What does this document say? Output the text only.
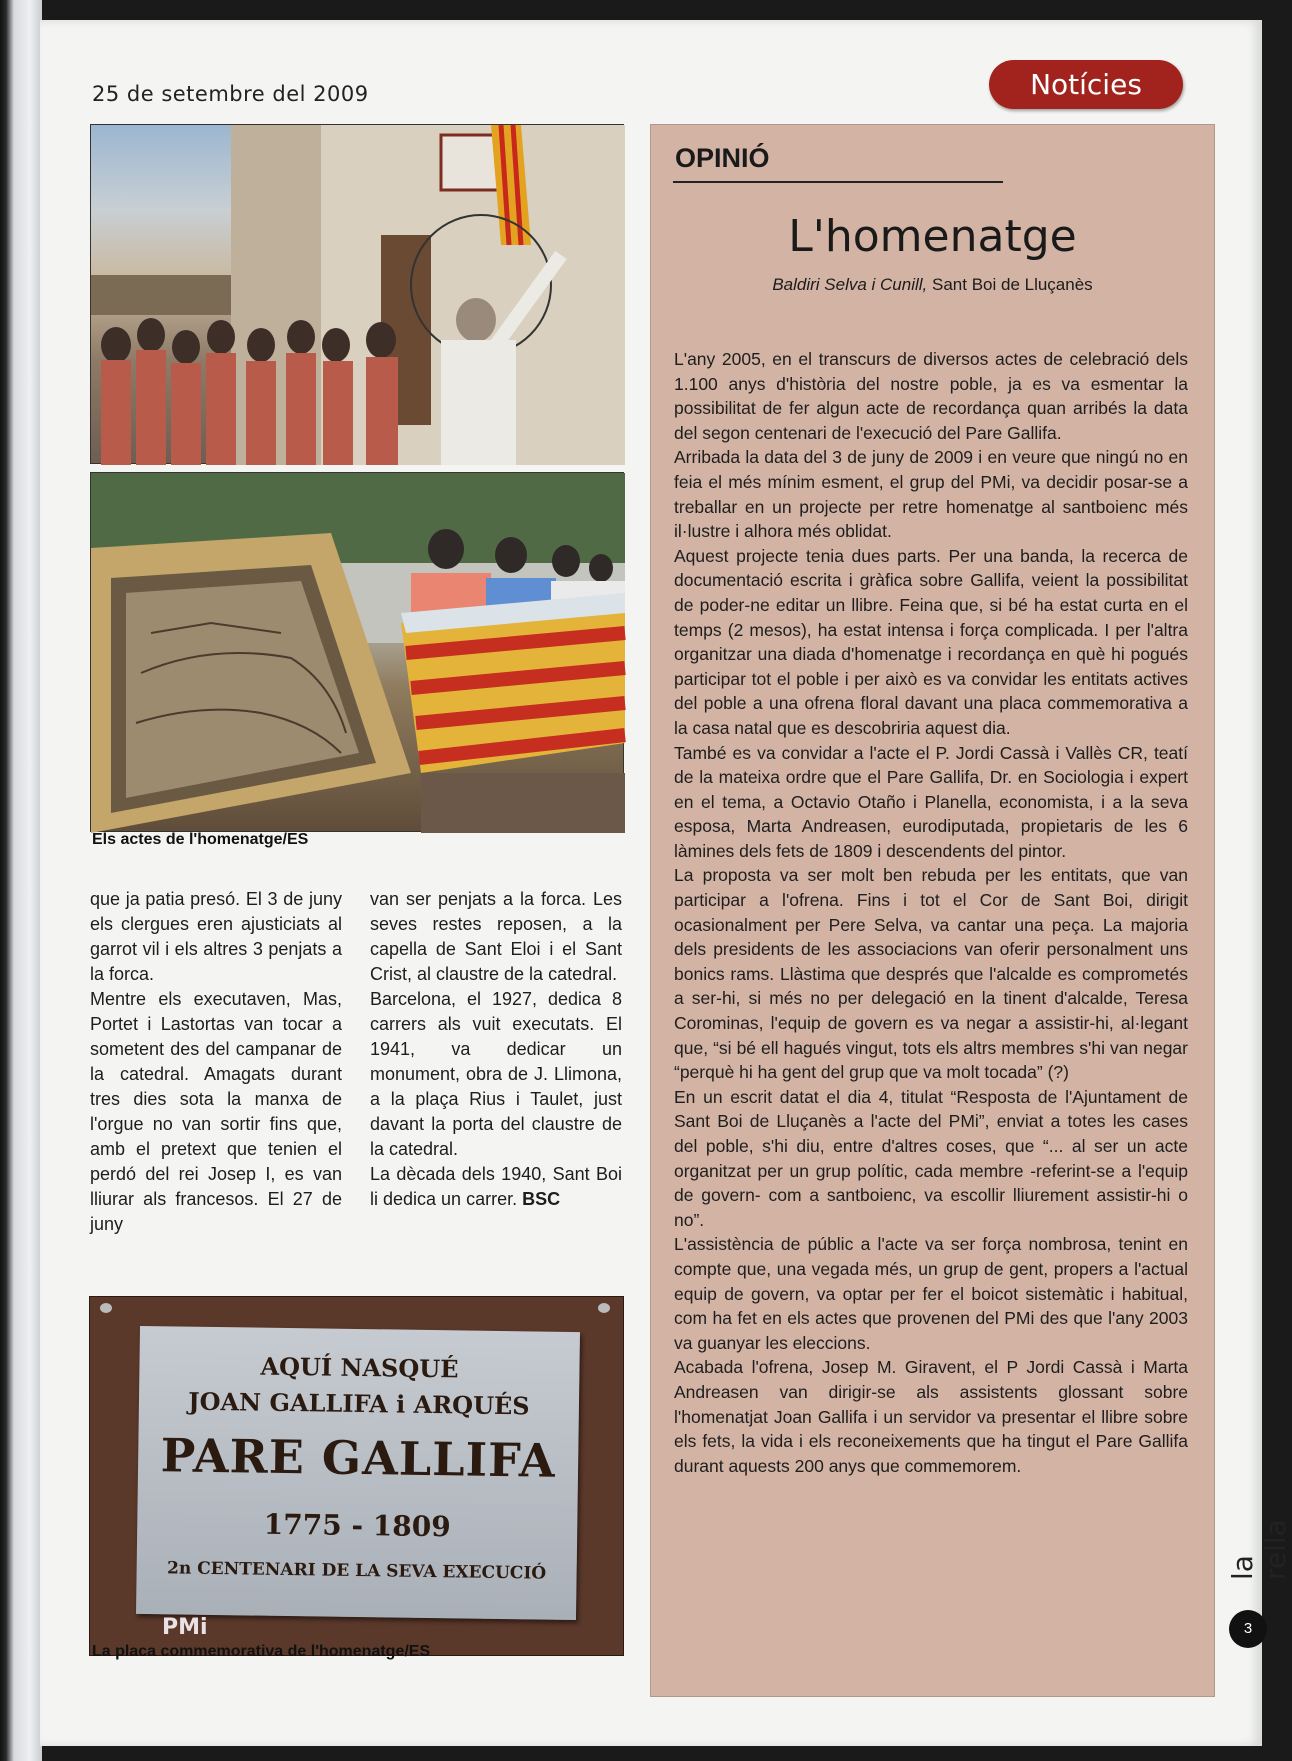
25 de setembre del 2009	Notícies
Els actes de l'homenatge/ES

que ja patia presó. El 3 de juny els clergues eren ajusticiats al garrot vil i els altres 3 penjats a la forca.

Mentre els executaven, Mas, Portet i Lastortas van tocar a sometent des del campanar de la catedral. Amagats durant tres dies sota la manxa de l'orgue no van sortir fins que, amb el pretext que tenien el perdó del rei Josep I, es van lliurar als francesos. El 27 de juny

van ser penjats a la forca. Les seves restes reposen, a la capella de Sant Eloi i el Sant Crist, al claustre de la catedral.

Barcelona, el 1927, dedica 8 carrers als vuit executats. El 1941, va dedicar un monument, obra de J. Llimona, a la plaça Rius i Taulet, just davant la porta del claustre de la catedral.

La dècada dels 1940, Sant Boi li dedica un carrer. BSC

AQUÍ NASQUÉ
JOAN GALLIFA i ARQUÉS
PARE GALLIFA
1775 - 1809
2n CENTENARI DE LA SEVA EXECUCIÓ
PMi
La placa commemorativa de l'homenatge/ES
OPINIÓ
L'homenatge
Baldiri Selva i Cunill, Sant Boi de Lluçanès

L'any 2005, en el transcurs de diversos actes de celebració dels 1.100 anys d'història del nostre poble, ja es va esmentar la possibilitat de fer algun acte de recordança quan arribés la data del segon centenari de l'execució del Pare Gallifa.

Arribada la data del 3 de juny de 2009 i en veure que ningú no en feia el més mínim esment, el grup del PMi, va decidir posar-se a treballar en un projecte per retre homenatge al santboienc més il·lustre i alhora més oblidat.

Aquest projecte tenia dues parts. Per una banda, la recerca de documentació escrita i gràfica sobre Gallifa, veient la possibilitat de poder-ne editar un llibre. Feina que, si bé ha estat curta en el temps (2 mesos), ha estat intensa i força complicada. I per l'altra organitzar una diada d'homenatge i recordança en què hi pogués participar tot el poble i per això es va convidar les entitats actives del poble a una ofrena floral davant una placa commemorativa a la casa natal que es descobriria aquest dia.

També es va convidar a l'acte el P. Jordi Cassà i Vallès CR, teatí de la mateixa ordre que el Pare Gallifa, Dr. en Sociologia i expert en el tema, a Octavio Otaño i Planella, economista, i a la seva esposa, Marta Andreasen, eurodiputada, propietaris de les 6 làmines dels fets de 1809 i descendents del pintor.

La proposta va ser molt ben rebuda per les entitats, que van participar a l'ofrena. Fins i tot el Cor de Sant Boi, dirigit ocasionalment per Pere Selva, va cantar una peça. La majoria dels presidents de les associacions van oferir personalment uns bonics rams. Llàstima que després que l'alcalde es comprometés a ser-hi, si més no per delegació en la tinent d'alcalde, Teresa Corominas, l'equip de govern es va negar a assistir-hi, al·legant que, “si bé ell hagués vingut, tots els altrs membres s'hi van negar “perquè hi ha gent del grup que va molt tocada” (?)

En un escrit datat el dia 4, titulat “Resposta de l'Ajuntament de Sant Boi de Lluçanès a l'acte del PMi”, enviat a totes les cases del poble, s'hi diu, entre d'altres coses, que “... al ser un acte organitzat per un grup polític, cada membre -referint-se a l'equip de govern- com a santboienc, va escollir lliurement assistir-hi o no”.

L'assistència de públic a l'acte va ser força nombrosa, tenint en compte que, una vegada més, un grup de gent, propers a l'actual equip de govern, va optar per fer el boicot sistemàtic i habitual, com ha fet en els actes que provenen del PMi des que l'any 2003 va guanyar les eleccions.

Acabada l'ofrena, Josep M. Giravent, el P Jordi Cassà i Marta Andreasen van dirigir-se als assistents glossant sobre l'homenatjat Joan Gallifa i un servidor va presentar el llibre sobre els fets, la vida i els reconeixements que ha tingut el Pare Gallifa durant aquests 200 anys que commemorem.

la rella
3
